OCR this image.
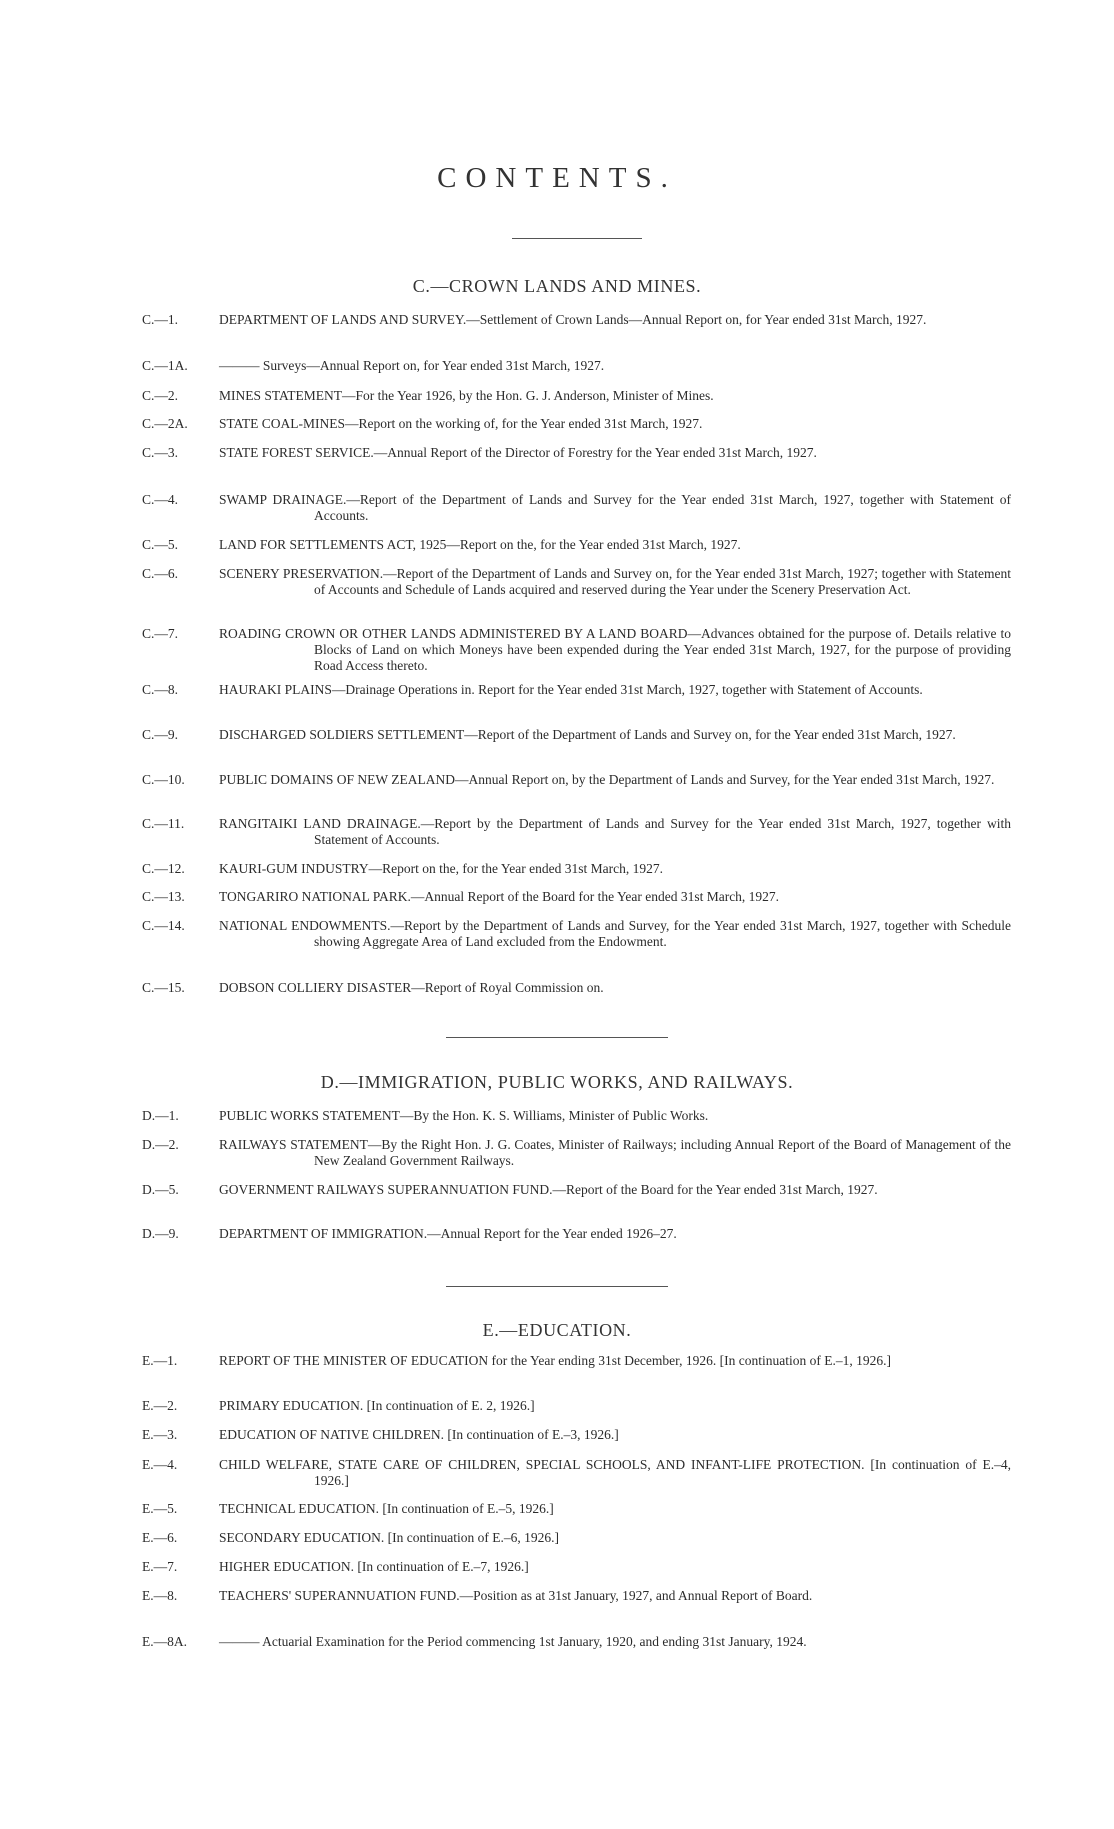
CONTENTS.
C.—CROWN LANDS AND MINES.
C.—1.	DEPARTMENT OF LANDS AND SURVEY.—Settlement of Crown Lands—Annual Report on, for Year ended 31st March, 1927.
C.—1A.	——— Surveys—Annual Report on, for Year ended 31st March, 1927.
C.—2.	MINES STATEMENT—For the Year 1926, by the Hon. G. J. Anderson, Minister of Mines.
C.—2A.	STATE COAL-MINES—Report on the working of, for the Year ended 31st March, 1927.
C.—3.	STATE FOREST SERVICE.—Annual Report of the Director of Forestry for the Year ended 31st March, 1927.
C.—4.	SWAMP DRAINAGE.—Report of the Department of Lands and Survey for the Year ended 31st March, 1927, together with Statement of Accounts.
C.—5.	LAND FOR SETTLEMENTS ACT, 1925—Report on the, for the Year ended 31st March, 1927.
C.—6.	SCENERY PRESERVATION.—Report of the Department of Lands and Survey on, for the Year ended 31st March, 1927; together with Statement of Accounts and Schedule of Lands acquired and reserved during the Year under the Scenery Preservation Act.
C.—7.	ROADING CROWN OR OTHER LANDS ADMINISTERED BY A LAND BOARD—Advances obtained for the purpose of. Details relative to Blocks of Land on which Moneys have been expended during the Year ended 31st March, 1927, for the purpose of providing Road Access thereto.
C.—8.	HAURAKI PLAINS—Drainage Operations in. Report for the Year ended 31st March, 1927, together with Statement of Accounts.
C.—9.	DISCHARGED SOLDIERS SETTLEMENT—Report of the Department of Lands and Survey on, for the Year ended 31st March, 1927.
C.—10.	PUBLIC DOMAINS OF NEW ZEALAND—Annual Report on, by the Department of Lands and Survey, for the Year ended 31st March, 1927.
C.—11.	RANGITAIKI LAND DRAINAGE.—Report by the Department of Lands and Survey for the Year ended 31st March, 1927, together with Statement of Accounts.
C.—12.	KAURI-GUM INDUSTRY—Report on the, for the Year ended 31st March, 1927.
C.—13.	TONGARIRO NATIONAL PARK.—Annual Report of the Board for the Year ended 31st March, 1927.
C.—14.	NATIONAL ENDOWMENTS.—Report by the Department of Lands and Survey, for the Year ended 31st March, 1927, together with Schedule showing Aggregate Area of Land excluded from the Endowment.
C.—15.	DOBSON COLLIERY DISASTER—Report of Royal Commission on.
D.—IMMIGRATION, PUBLIC WORKS, AND RAILWAYS.
D.—1.	PUBLIC WORKS STATEMENT—By the Hon. K. S. Williams, Minister of Public Works.
D.—2.	RAILWAYS STATEMENT—By the Right Hon. J. G. Coates, Minister of Railways; including Annual Report of the Board of Management of the New Zealand Government Railways.
D.—5.	GOVERNMENT RAILWAYS SUPERANNUATION FUND.—Report of the Board for the Year ended 31st March, 1927.
D.—9.	DEPARTMENT OF IMMIGRATION.—Annual Report for the Year ended 1926–27.
E.—EDUCATION.
E.—1.	REPORT OF THE MINISTER OF EDUCATION for the Year ending 31st December, 1926. [In continuation of E.–1, 1926.]
E.—2.	PRIMARY EDUCATION. [In continuation of E. 2, 1926.]
E.—3.	EDUCATION OF NATIVE CHILDREN. [In continuation of E.–3, 1926.]
E.—4.	CHILD WELFARE, STATE CARE OF CHILDREN, SPECIAL SCHOOLS, AND INFANT-LIFE PROTECTION. [In continuation of E.–4, 1926.]
E.—5.	TECHNICAL EDUCATION. [In continuation of E.–5, 1926.]
E.—6.	SECONDARY EDUCATION. [In continuation of E.–6, 1926.]
E.—7.	HIGHER EDUCATION. [In continuation of E.–7, 1926.]
E.—8.	TEACHERS' SUPERANNUATION FUND.—Position as at 31st January, 1927, and Annual Report of Board.
E.—8A.	——— Actuarial Examination for the Period commencing 1st January, 1920, and ending 31st January, 1924.
